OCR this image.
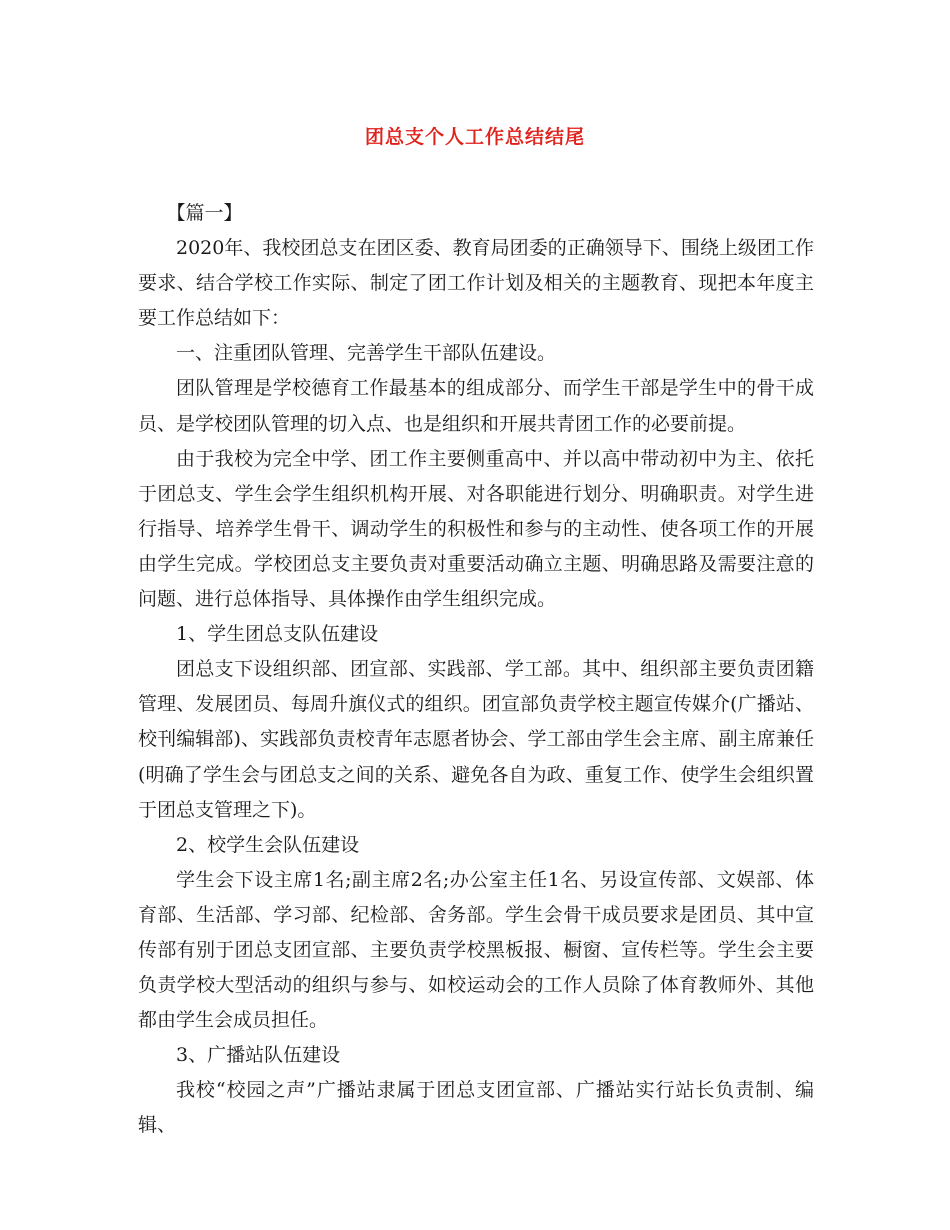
团总支个人工作总结结尾

【篇一】

2020年、我校团总支在团区委、教育局团委的正确领导下、围绕上级团工作要求、结合学校工作实际、制定了团工作计划及相关的主题教育、现把本年度主要工作总结如下：

一、注重团队管理、完善学生干部队伍建设。

团队管理是学校德育工作最基本的组成部分、而学生干部是学生中的骨干成员、是学校团队管理的切入点、也是组织和开展共青团工作的必要前提。

由于我校为完全中学、团工作主要侧重高中、并以高中带动初中为主、依托于团总支、学生会学生组织机构开展、对各职能进行划分、明确职责。对学生进行指导、培养学生骨干、调动学生的积极性和参与的主动性、使各项工作的开展由学生完成。学校团总支主要负责对重要活动确立主题、明确思路及需要注意的问题、进行总体指导、具体操作由学生组织完成。

1、学生团总支队伍建设

团总支下设组织部、团宣部、实践部、学工部。其中、组织部主要负责团籍管理、发展团员、每周升旗仪式的组织。团宣部负责学校主题宣传媒介(广播站、校刊编辑部)、实践部负责校青年志愿者协会、学工部由学生会主席、副主席兼任(明确了学生会与团总支之间的关系、避免各自为政、重复工作、使学生会组织置于团总支管理之下)。

2、校学生会队伍建设

学生会下设主席1名;副主席2名;办公室主任1名、另设宣传部、文娱部、体育部、生活部、学习部、纪检部、舍务部。学生会骨干成员要求是团员、其中宣传部有别于团总支团宣部、主要负责学校黑板报、橱窗、宣传栏等。学生会主要负责学校大型活动的组织与参与、如校运动会的工作人员除了体育教师外、其他都由学生会成员担任。

3、广播站队伍建设

我校“校园之声”广播站隶属于团总支团宣部、广播站实行站长负责制、编辑、
